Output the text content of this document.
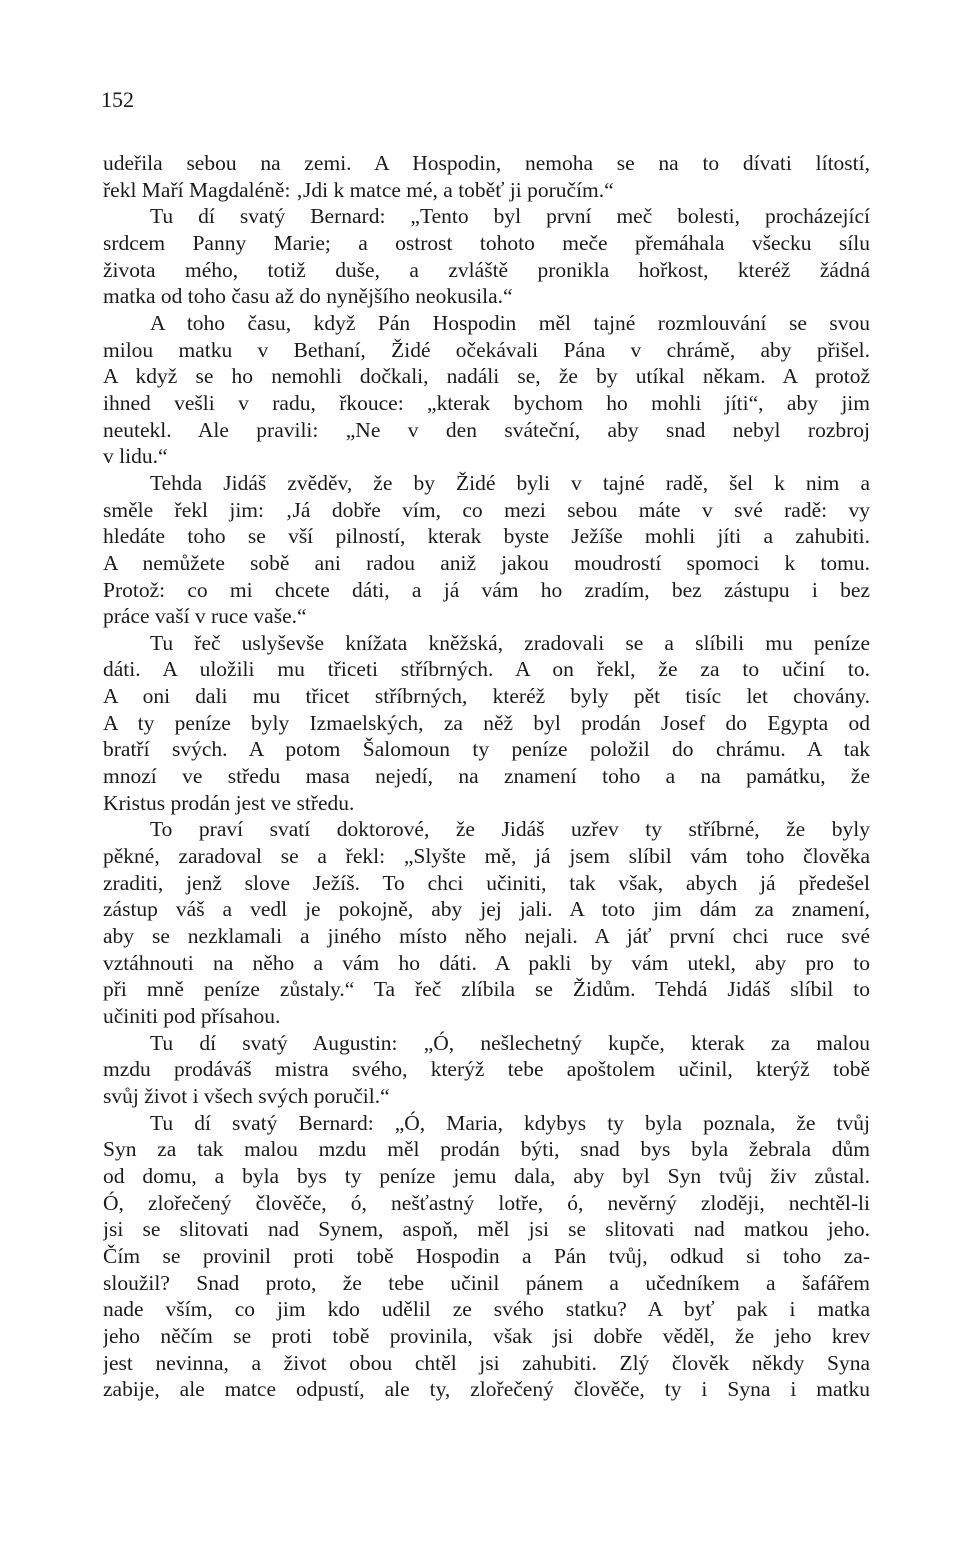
152
udeřila sebou na zemi. A Hospodin, nemoha se na to dívati lítostí,
řekl Maří Magdaléně: ‚Jdi k matce mé, a toběť ji poručím.“
Tu dí svatý Bernard: „Tento byl první meč bolesti, procházející
srdcem Panny Marie; a ostrost tohoto meče přemáhala všecku sílu
života mého, totiž duše, a zvláště pronikla hořkost, kteréž žádná
matka od toho času až do nynějšího neokusila.“
A toho času, když Pán Hospodin měl tajné rozmlouvání se svou
milou matku v Bethaní, Židé očekávali Pána v chrámě, aby přišel.
A když se ho nemohli dočkali, nadáli se, že by utíkal někam. A protož
ihned vešli v radu, řkouce: „kterak bychom ho mohli jíti“, aby jim
neutekl. Ale pravili: „Ne v den sváteční, aby snad nebyl rozbroj
v lidu.“
Tehda Jidáš zvěděv, že by Židé byli v tajné radě, šel k nim a
směle řekl jim: ‚Já dobře vím, co mezi sebou máte v své radě: vy
hledáte toho se vší pilností, kterak byste Ježíše mohli jíti a zahubiti.
A nemůžete sobě ani radou aniž jakou moudrostí spomoci k tomu.
Protož: co mi chcete dáti, a já vám ho zradím, bez zástupu i bez
práce vaší v ruce vaše.“
Tu řeč uslyševše knížata kněžská, zradovali se a slíbili mu peníze
dáti. A uložili mu třiceti stříbrných. A on řekl, že za to učiní to.
A oni dali mu třicet stříbrných, kteréž byly pět tisíc let chovány.
A ty peníze byly Izmaelských, za něž byl prodán Josef do Egypta od
bratří svých. A potom Šalomoun ty peníze položil do chrámu. A tak
mnozí ve středu masa nejedí, na znamení toho a na památku, že
Kristus prodán jest ve středu.
To praví svatí doktorové, že Jidáš uzřev ty stříbrné, že byly
pěkné, zaradoval se a řekl: „Slyšte mě, já jsem slíbil vám toho člověka
zraditi, jenž slove Ježíš. To chci učiniti, tak však, abych já předešel
zástup váš a vedl je pokojně, aby jej jali. A toto jim dám za znamení,
aby se nezklamali a jiného místo něho nejali. A jáť první chci ruce své
vztáhnouti na něho a vám ho dáti. A pakli by vám utekl, aby pro to
při mně peníze zůstaly.“ Ta řeč zlíbila se Židům. Tehdá Jidáš slíbil to
učiniti pod přísahou.
Tu dí svatý Augustin: „Ó, nešlechetný kupče, kterak za malou
mzdu prodáváš mistra svého, kterýž tebe apoštolem učinil, kterýž tobě
svůj život i všech svých poručil.“
Tu dí svatý Bernard: „Ó, Maria, kdybys ty byla poznala, že tvůj
Syn za tak malou mzdu měl prodán býti, snad bys byla žebrala dům
od domu, a byla bys ty peníze jemu dala, aby byl Syn tvůj živ zůstal.
Ó, zlořečený člověče, ó, nešťastný lotře, ó, nevěrný zloději, nechtěl-li
jsi se slitovati nad Synem, aspoň, měl jsi se slitovati nad matkou jeho.
Čím se provinil proti tobě Hospodin a Pán tvůj, odkud si toho za-
sloužil? Snad proto, že tebe učinil pánem a učedníkem a šafářem
nade vším, co jim kdo udělil ze svého statku? A byť pak i matka
jeho něčím se proti tobě provinila, však jsi dobře věděl, že jeho krev
jest nevinna, a život obou chtěl jsi zahubiti. Zlý člověk někdy Syna
zabije, ale matce odpustí, ale ty, zlořečený člověče, ty i Syna i matku
